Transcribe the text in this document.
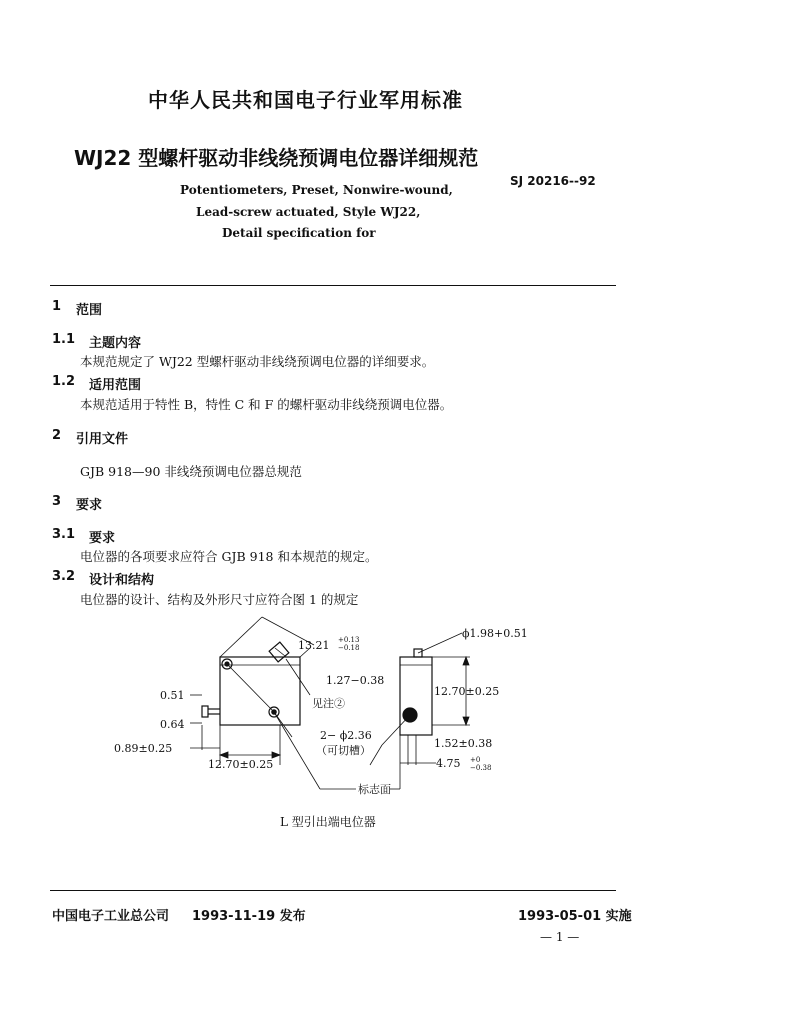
中华人民共和国电子行业军用标准
WJ22 型螺杆驱动非线绕预调电位器详细规范
SJ 20216--92
Potentiometers, Preset, Nonwire-wound,
Lead-screw actuated, Style WJ22,
Detail specification for
1 范围
1.1 主题内容
本规范规定了 WJ22 型螺杆驱动非线绕预调电位器的详细要求。
1.2 适用范围
本规范适用于特性 B，特性 C 和 F 的螺杆驱动非线绕预调电位器。
2 引用文件
GJB 918—90 非线绕预调电位器总规范
3 要求
3.1 要求
电位器的各项要求应符合 GJB 918 和本规范的规定。
3.2 设计和结构
电位器的设计、结构及外形尺寸应符合图 1 的规定
13.21 +0.13
−0.18
1.27−0.38
见注②
0.51
0.64
0.89±0.25
12.70±0.25
2− ϕ2.36
（可切槽）
ϕ1.98+0.51
12.70±0.25
1.52±0.38
4.75 +0
−0.38
标志面
L 型引出端电位器
中国电子工业总公司 1993-11-19 发布	1993-05-01 实施
— 1 —
